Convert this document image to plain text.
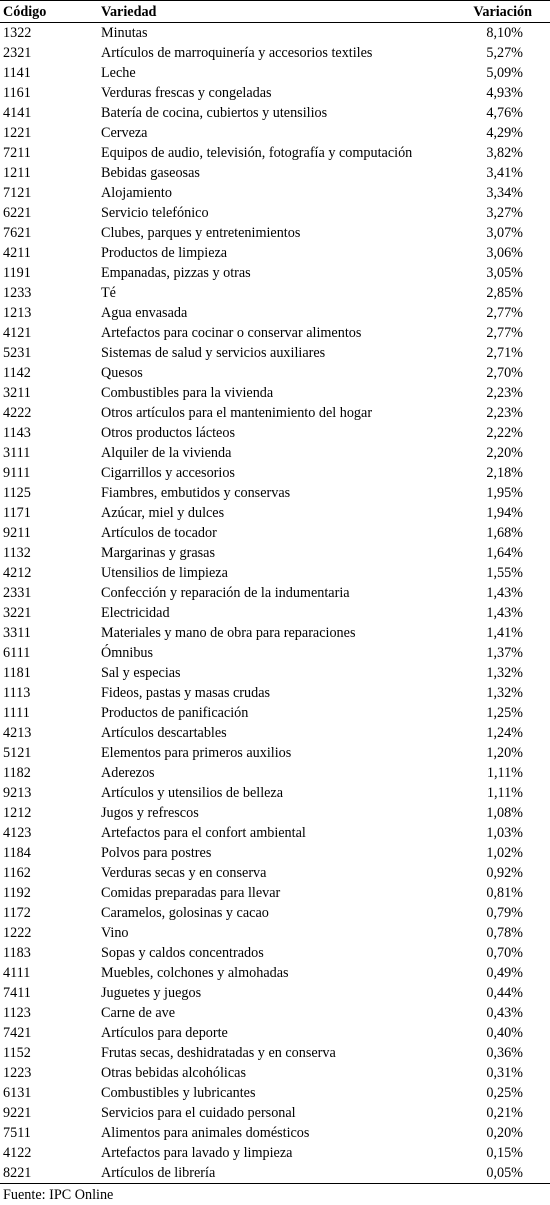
Código	Variedad	Variación
1322	Minutas	8,10%
2321	Artículos de marroquinería y accesorios textiles	5,27%
1141	Leche	5,09%
1161	Verduras frescas y congeladas	4,93%
4141	Batería de cocina, cubiertos y utensilios	4,76%
1221	Cerveza	4,29%
7211	Equipos de audio, televisión, fotografía y computación	3,82%
1211	Bebidas gaseosas	3,41%
7121	Alojamiento	3,34%
6221	Servicio telefónico	3,27%
7621	Clubes, parques y entretenimientos	3,07%
4211	Productos de limpieza	3,06%
1191	Empanadas, pizzas y otras	3,05%
1233	Té	2,85%
1213	Agua envasada	2,77%
4121	Artefactos para cocinar o conservar alimentos	2,77%
5231	Sistemas de salud y servicios auxiliares	2,71%
1142	Quesos	2,70%
3211	Combustibles para la vivienda	2,23%
4222	Otros artículos para el mantenimiento del hogar	2,23%
1143	Otros productos lácteos	2,22%
3111	Alquiler de la vivienda	2,20%
9111	Cigarrillos y accesorios	2,18%
1125	Fiambres, embutidos y conservas	1,95%
1171	Azúcar, miel y dulces	1,94%
9211	Artículos de tocador	1,68%
1132	Margarinas y grasas	1,64%
4212	Utensilios de limpieza	1,55%
2331	Confección y reparación de la indumentaria	1,43%
3221	Electricidad	1,43%
3311	Materiales y mano de obra para reparaciones	1,41%
6111	Ómnibus	1,37%
1181	Sal y especias	1,32%
1113	Fideos, pastas y masas crudas	1,32%
1111	Productos de panificación	1,25%
4213	Artículos descartables	1,24%
5121	Elementos para primeros auxilios	1,20%
1182	Aderezos	1,11%
9213	Artículos y utensilios de belleza	1,11%
1212	Jugos y refrescos	1,08%
4123	Artefactos para el confort ambiental	1,03%
1184	Polvos para postres	1,02%
1162	Verduras secas y en conserva	0,92%
1192	Comidas preparadas para llevar	0,81%
1172	Caramelos, golosinas y cacao	0,79%
1222	Vino	0,78%
1183	Sopas y caldos concentrados	0,70%
4111	Muebles, colchones y almohadas	0,49%
7411	Juguetes y juegos	0,44%
1123	Carne de ave	0,43%
7421	Artículos para deporte	0,40%
1152	Frutas secas, deshidratadas y en conserva	0,36%
1223	Otras bebidas alcohólicas	0,31%
6131	Combustibles y lubricantes	0,25%
9221	Servicios para el cuidado personal	0,21%
7511	Alimentos para animales domésticos	0,20%
4122	Artefactos para lavado y limpieza	0,15%
8221	Artículos de librería	0,05%
Fuente: IPC Online
